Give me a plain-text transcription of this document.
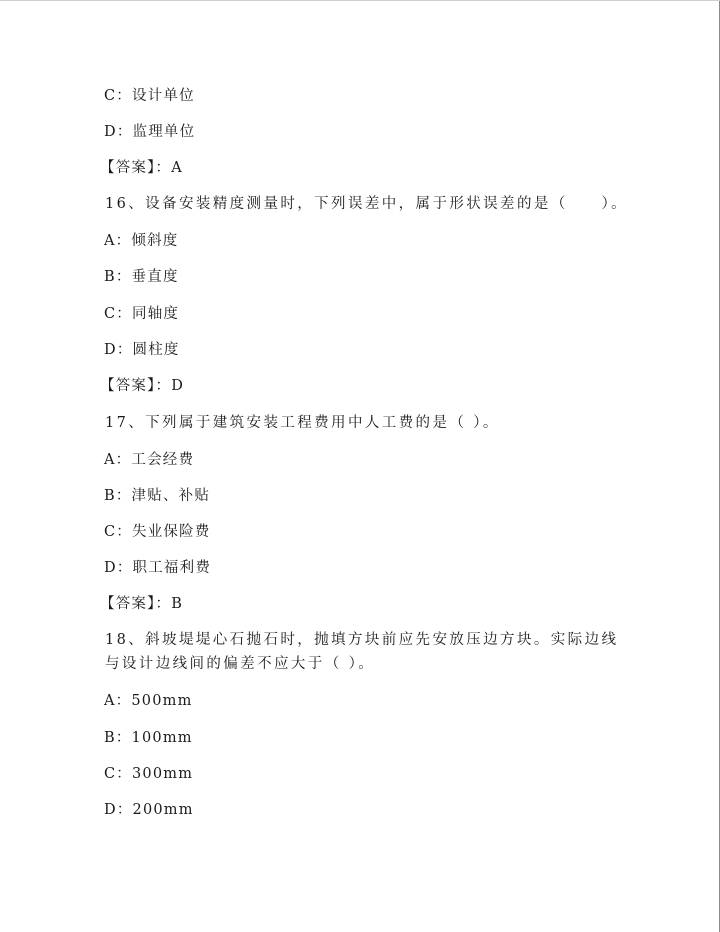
C：设计单位
D：监理单位
【答案】：A
16、设备安装精度测量时，下列误差中，属于形状误差的是（　　）。
A：倾斜度
B：垂直度
C：同轴度
D：圆柱度
【答案】：D
17、下列属于建筑安装工程费用中人工费的是（ ）。
A：工会经费
B：津贴、补贴
C：失业保险费
D：职工福利费
【答案】：B
18、斜坡堤堤心石抛石时，抛填方块前应先安放压边方块。实际边线
与设计边线间的偏差不应大于（ ）。
A：500mm
B：100mm
C：300mm
D：200mm
